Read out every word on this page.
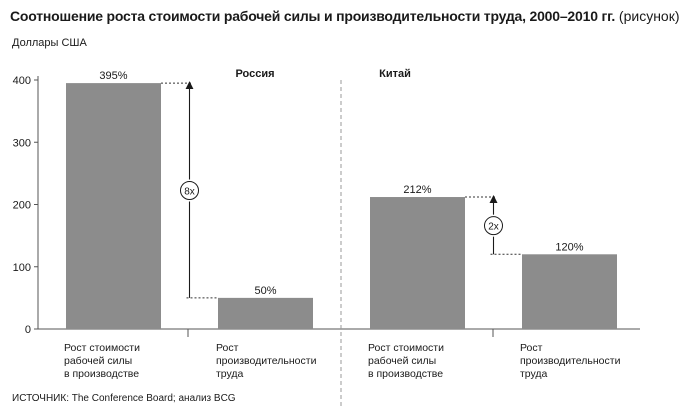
Соотношение роста стоимости рабочей силы и производительности труда, 2000–2010 гг. (рисунок)
Доллары США
0
100
200
300
400
Россия
395%
Рост стоимости
рабочей силы
в производстве
50%
Рост
производительности
труда
8x
Китай
212%
Рост стоимости
рабочей силы
в производстве
120%
Рост
производительности
труда
2x
ИСТОЧНИК: The Conference Board; анализ BCG
